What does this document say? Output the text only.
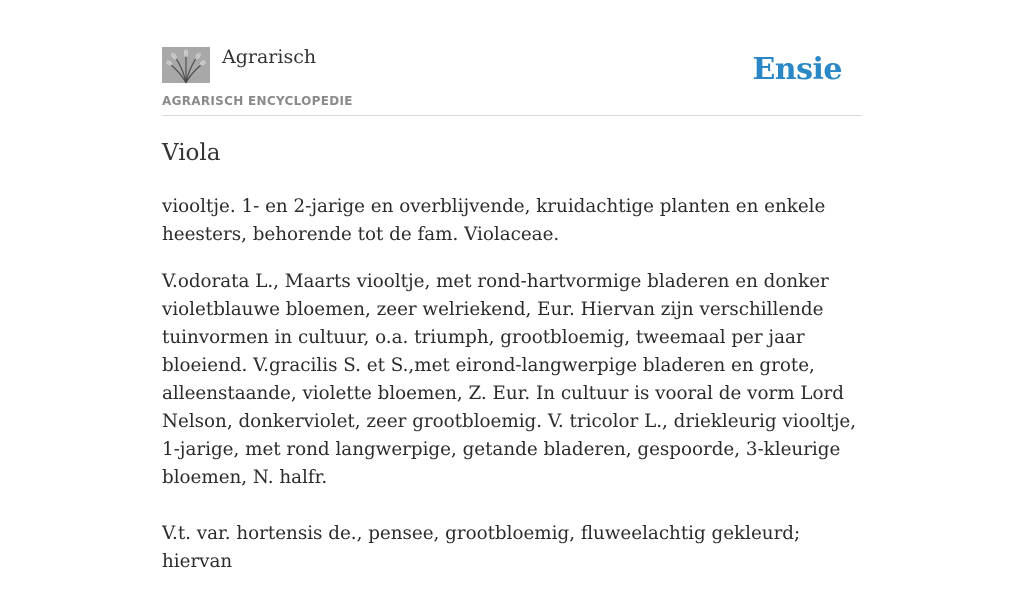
Agrarisch
AGRARISCH ENCYCLOPEDIE
Ensie
Viola

viooltje. 1- en 2-jarige en overblijvende, kruidachtige planten en enkele heesters, behorende tot de fam. Violaceae.

V.odorata L., Maarts viooltje, met rond-hartvormige bladeren en donker violetblauwe bloemen, zeer welriekend, Eur. Hiervan zijn verschillende tuinvormen in cultuur, o.a. triumph, grootbloemig, tweemaal per jaar bloeiend. V.gracilis S. et S.,met eirond-langwerpige bladeren en grote, alleenstaande, violette bloemen, Z. Eur. In cultuur is vooral de vorm Lord Nelson, donkerviolet, zeer grootbloemig. V. tricolor L., driekleurig viooltje, 1-jarige, met rond langwerpige, getande bladeren, gespoorde, 3-kleurige bloemen, N. halfr.

V.t. var. hortensis de., pensee, grootbloemig, fluweelachtig gekleurd; hiervan
